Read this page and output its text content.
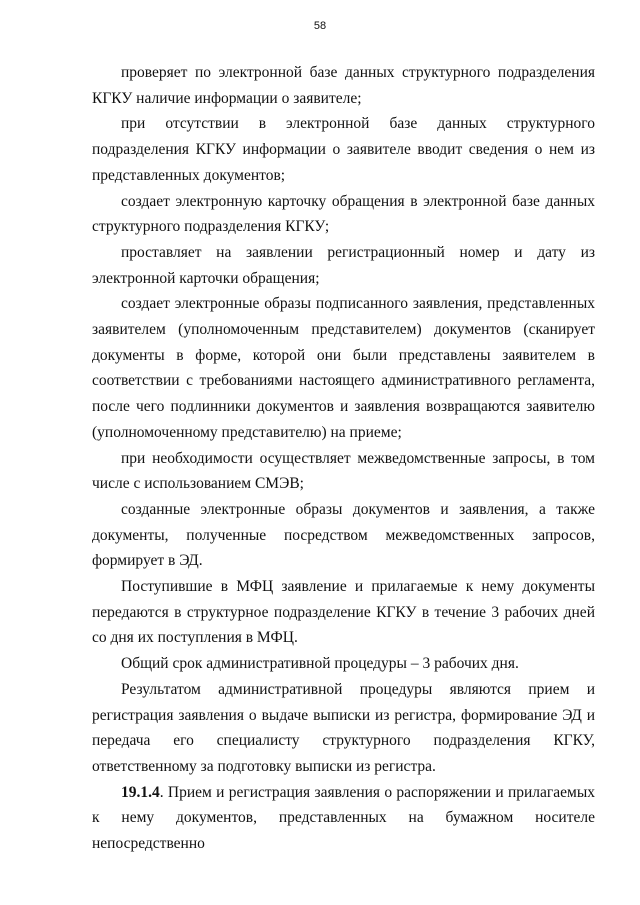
58

проверяет по электронной базе данных структурного подразделения КГКУ наличие информации о заявителе;

при отсутствии в электронной базе данных структурного подразделения КГКУ информации о заявителе вводит сведения о нем из представленных документов;

создает электронную карточку обращения в электронной базе данных структурного подразделения КГКУ;

проставляет на заявлении регистрационный номер и дату из электронной карточки обращения;

создает электронные образы подписанного заявления, представленных заявителем (уполномоченным представителем) документов (сканирует документы в форме, которой они были представлены заявителем в соответствии с требованиями настоящего административного регламента, после чего подлинники документов и заявления возвращаются заявителю (уполномоченному представителю) на приеме;

при необходимости осуществляет межведомственные запросы, в том числе с использованием СМЭВ;

созданные электронные образы документов и заявления, а также документы, полученные посредством межведомственных запросов, формирует в ЭД.

Поступившие в МФЦ заявление и прилагаемые к нему документы передаются в структурное подразделение КГКУ в течение 3 рабочих дней со дня их поступления в МФЦ.

Общий срок административной процедуры – 3 рабочих дня.

Результатом административной процедуры являются прием и регистрация заявления о выдаче выписки из регистра, формирование ЭД и передача его специалисту структурного подразделения КГКУ, ответственному за подготовку выписки из регистра.

19.1.4. Прием и регистрация заявления о распоряжении и прилагаемых к нему документов, представленных на бумажном носителе непосредственно
